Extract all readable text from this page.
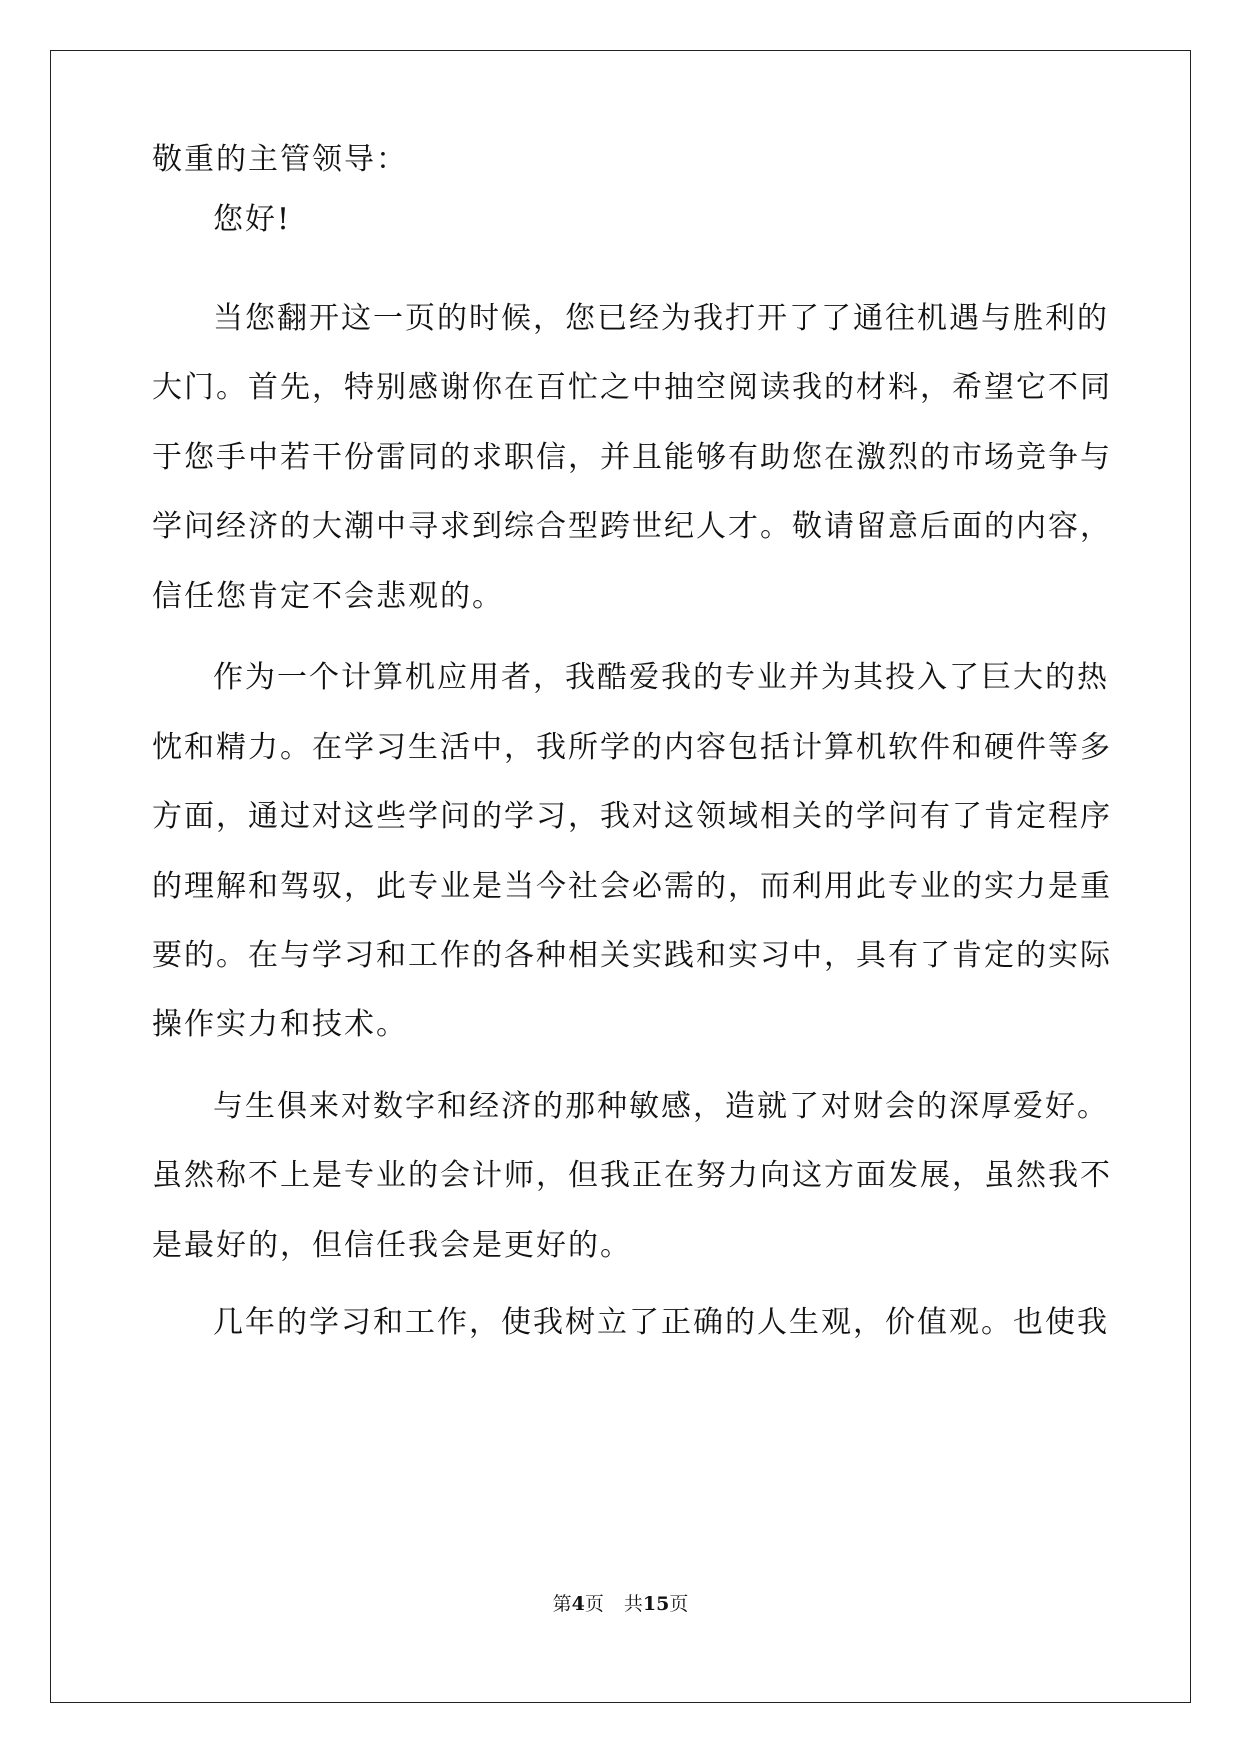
敬重的主管领导：
您好!
当您翻开这一页的时候，您已经为我打开了了通往机遇与胜利的
大门。首先，特别感谢你在百忙之中抽空阅读我的材料，希望它不同
于您手中若干份雷同的求职信，并且能够有助您在激烈的市场竞争与
学问经济的大潮中寻求到综合型跨世纪人才。敬请留意后面的内容，
信任您肯定不会悲观的。
作为一个计算机应用者，我酷爱我的专业并为其投入了巨大的热
忱和精力。在学习生活中，我所学的内容包括计算机软件和硬件等多
方面，通过对这些学问的学习，我对这领域相关的学问有了肯定程序
的理解和驾驭，此专业是当今社会必需的，而利用此专业的实力是重
要的。在与学习和工作的各种相关实践和实习中，具有了肯定的实际
操作实力和技术。
与生俱来对数字和经济的那种敏感，造就了对财会的深厚爱好。
虽然称不上是专业的会计师，但我正在努力向这方面发展，虽然我不
是最好的，但信任我会是更好的。
几年的学习和工作，使我树立了正确的人生观，价值观。也使我
第4页 共15页
